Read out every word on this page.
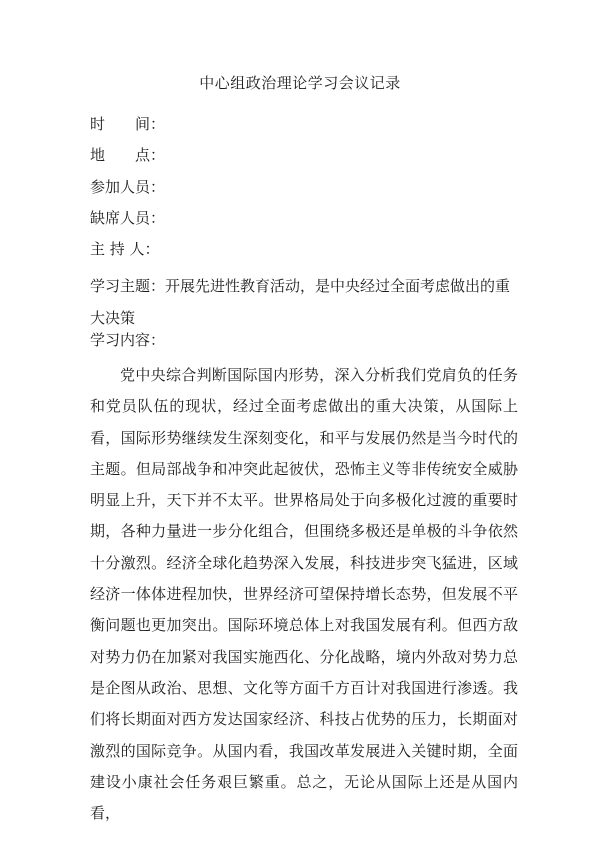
中心组政治理论学习会议记录
时　　间：
地　　点：
参加人员：
缺席人员：
主 持 人：
学习主题：开展先进性教育活动，是中央经过全面考虑做出的重大决策
学习内容：

党中央综合判断国际国内形势，深入分析我们党肩负的任务和党员队伍的现状，经过全面考虑做出的重大决策，从国际上看，国际形势继续发生深刻变化，和平与发展仍然是当今时代的主题。但局部战争和冲突此起彼伏，恐怖主义等非传统安全威胁明显上升，天下并不太平。世界格局处于向多极化过渡的重要时期，各种力量进一步分化组合，但围绕多极还是单极的斗争依然十分激烈。经济全球化趋势深入发展，科技进步突飞猛进，区域经济一体体进程加快，世界经济可望保持增长态势，但发展不平衡问题也更加突出。国际环境总体上对我国发展有利。但西方敌对势力仍在加紧对我国实施西化、分化战略，境内外敌对势力总是企图从政治、思想、文化等方面千方百计对我国进行渗透。我们将长期面对西方发达国家经济、科技占优势的压力，长期面对激烈的国际竞争。从国内看，我国改革发展进入关键时期，全面建设小康社会任务艰巨繁重。总之，无论从国际上还是从国内看，
